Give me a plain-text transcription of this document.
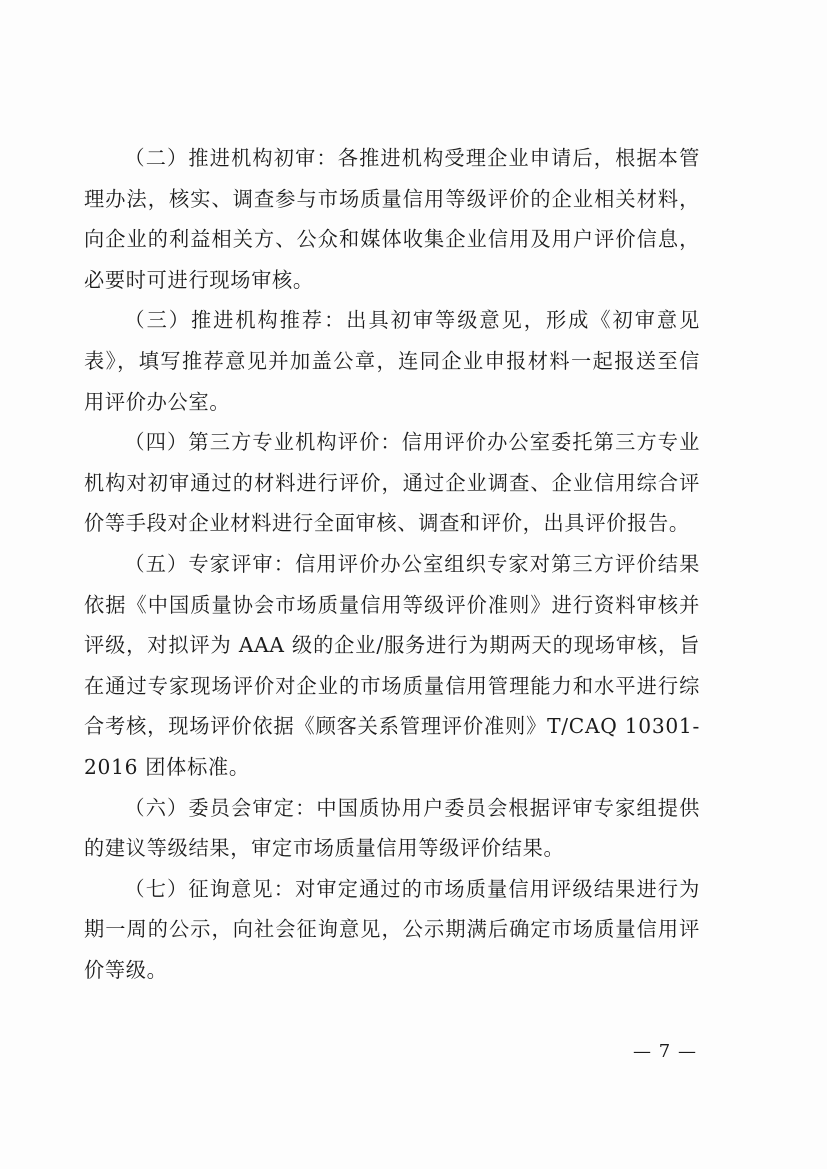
（二）推进机构初审：各推进机构受理企业申请后，根据本管理办法，核实、调查参与市场质量信用等级评价的企业相关材料，向企业的利益相关方、公众和媒体收集企业信用及用户评价信息，必要时可进行现场审核。

（三）推进机构推荐：出具初审等级意见，形成《初审意见表》，填写推荐意见并加盖公章，连同企业申报材料一起报送至信用评价办公室。

（四）第三方专业机构评价：信用评价办公室委托第三方专业机构对初审通过的材料进行评价，通过企业调查、企业信用综合评价等手段对企业材料进行全面审核、调查和评价，出具评价报告。

（五）专家评审：信用评价办公室组织专家对第三方评价结果依据《中国质量协会市场质量信用等级评价准则》进行资料审核并评级，对拟评为 AAA 级的企业/服务进行为期两天的现场审核，旨在通过专家现场评价对企业的市场质量信用管理能力和水平进行综合考核，现场评价依据《顾客关系管理评价准则》T/CAQ 10301-2016 团体标准。

（六）委员会审定：中国质协用户委员会根据评审专家组提供的建议等级结果，审定市场质量信用等级评价结果。

（七）征询意见：对审定通过的市场质量信用评级结果进行为期一周的公示，向社会征询意见，公示期满后确定市场质量信用评价等级。

— 7 —
